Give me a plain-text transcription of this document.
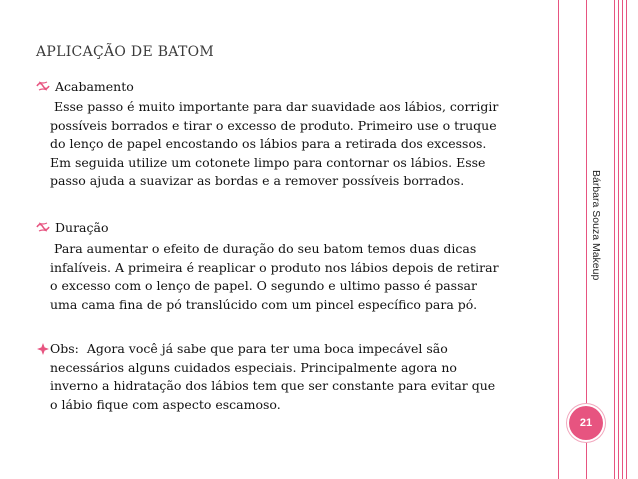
APLICAÇÃO DE BATOM
Acabamento
Esse passo é muito importante para dar suavidade aos lábios, corrigir
possíveis borrados e tirar o excesso de produto. Primeiro use o truque
do lenço de papel encostando os lábios para a retirada dos excessos.
Em seguida utilize um cotonete limpo para contornar os lábios. Esse
passo ajuda a suavizar as bordas e a remover possíveis borrados.
Duração
Para aumentar o efeito de duração do seu batom temos duas dicas
infalíveis. A primeira é reaplicar o produto nos lábios depois de retirar
o excesso com o lenço de papel. O segundo e ultimo passo é passar
uma cama fina de pó translúcido com um pincel específico para pó.
Obs:  Agora você já sabe que para ter uma boca impecável são
necessários alguns cuidados especiais. Principalmente agora no
inverno a hidratação dos lábios tem que ser constante para evitar que
o lábio fique com aspecto escamoso.
Bárbara Souza Makeup
21
